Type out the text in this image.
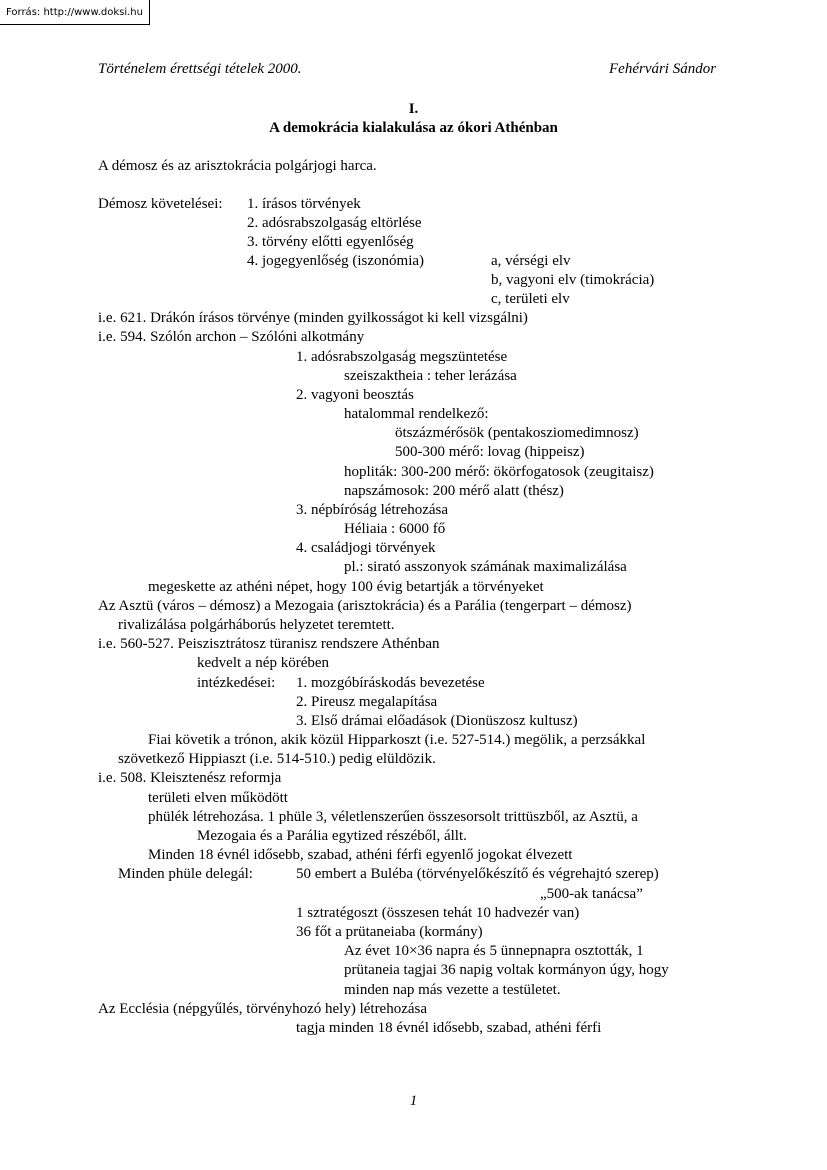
Forrás: http://www.doksi.hu
Történelem érettségi tételek 2000.	Fehérvári Sándor
I.
A demokrácia kialakulása az ókori Athénban
A démosz és az arisztokrácia polgárjogi harca.
Démosz követelései: 1. írásos törvények
2. adósrabszolgaság eltörlése
3. törvény előtti egyenlőség
4. jogegyenlőség (iszonómia)	a, vérségi elv
b, vagyoni elv (timokrácia)
c, területi elv
i.e. 621. Drákón írásos törvénye (minden gyilkosságot ki kell vizsgálni)
i.e. 594. Szólón archon – Szólóni alkotmány
1. adósrabszolgaság megszüntetése
szeiszaktheia : teher lerázása
2. vagyoni beosztás
hatalommal rendelkező:
ötszázmérősök (pentakosziomedimnosz)
500-300 mérő: lovag (hippeisz)
hopliták: 300-200 mérő: ökörfogatosok (zeugitaisz)
napszámosok: 200 mérő alatt (thész)
3. népbíróság létrehozása
Héliaia : 6000 fő
4. családjogi törvények
pl.: sirató asszonyok számának maximalizálása
megeskette az athéni népet, hogy 100 évig betartják a törvényeket
Az Asztü (város – démosz) a Mezogaia (arisztokrácia) és a Parália (tengerpart – démosz)
rivalizálása polgárháborús helyzetet teremtett.
i.e. 560-527. Peiszisztrátosz türanisz rendszere Athénban
kedvelt a nép körében
intézkedései: 1. mozgóbíráskodás bevezetése
2. Pireusz megalapítása
3. Első drámai előadások (Dionüszosz kultusz)
Fiai követik a trónon, akik közül Hipparkoszt (i.e. 527-514.) megölik, a perzsákkal
szövetkező Hippiaszt (i.e. 514-510.) pedig elüldözik.
i.e. 508. Kleisztenész reformja
területi elven működött
phülék létrehozása. 1 phüle 3, véletlenszerűen összesorsolt trittüszből, az Asztü, a
Mezogaia és a Parália egytized részéből, állt.
Minden 18 évnél idősebb, szabad, athéni férfi egyenlő jogokat élvezett
Minden phüle delegál:	50 embert a Buléba (törvényelőkészítő és végrehajtó szerep)
„500-ak tanácsa”
1 sztratégoszt (összesen tehát 10 hadvezér van)
36 főt a prütaneiaba (kormány)
Az évet 10×36 napra és 5 ünnepnapra osztották, 1
prütaneia tagjai 36 napig voltak kormányon úgy, hogy
minden nap más vezette a testületet.
Az Ecclésia (népgyűlés, törvényhozó hely) létrehozása
tagja minden 18 évnél idősebb, szabad, athéni férfi
1
